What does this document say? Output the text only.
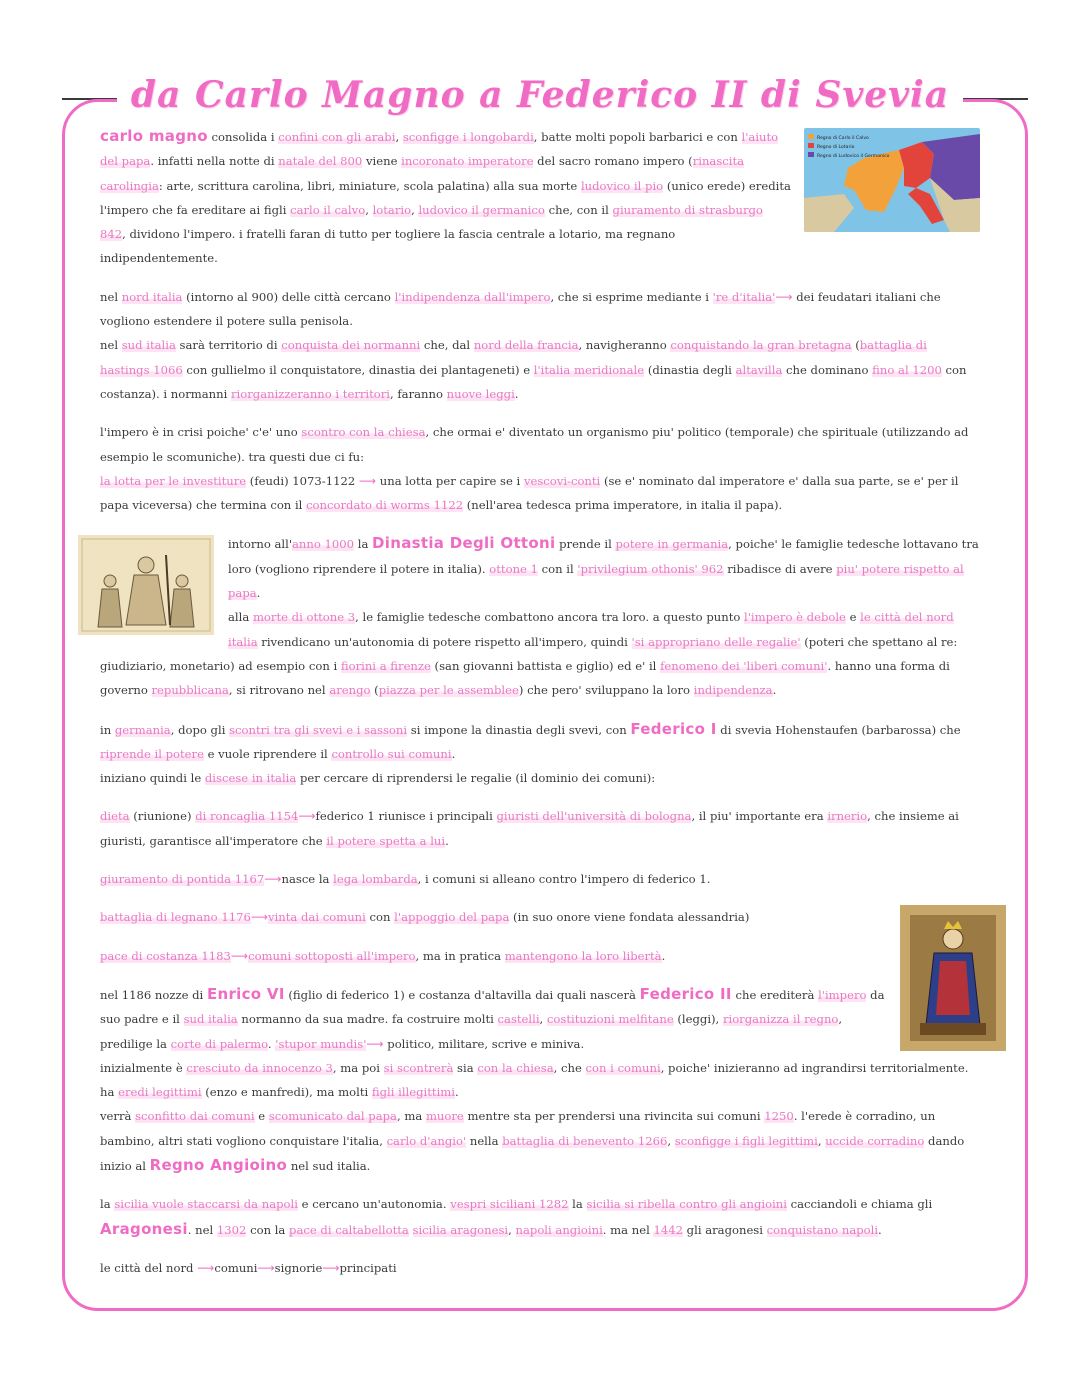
da Carlo Magno a Federico II di Svevia
Regno di Carlo il Calvo
Regno di Lotario
Regno di Ludovico il Germanico

carlo magno consolida i confini con gli arabi, sconfigge i longobardi, batte molti popoli barbarici e con l'aiuto del papa. infatti nella notte di natale del 800 viene incoronato imperatore del sacro romano impero (rinascita carolingia: arte, scrittura carolina, libri, miniature, scola palatina) alla sua morte ludovico il pio (unico erede) eredita l'impero che fa ereditare ai figli carlo il calvo, lotario, ludovico il germanico che, con il giuramento di strasburgo 842, dividono l'impero. i fratelli faran di tutto per togliere la fascia centrale a lotario, ma regnano indipendentemente.

nel nord italia (intorno al 900) delle città cercano l'indipendenza dall'impero, che si esprime mediante i 're d'italia'⟶ dei feudatari italiani che vogliono estendere il potere sulla penisola.

nel sud italia sarà territorio di conquista dei normanni che, dal nord della francia, navigheranno conquistando la gran bretagna (battaglia di hastings 1066 con gullielmo il conquistatore, dinastia dei plantageneti) e l'italia meridionale (dinastia degli altavilla che dominano fino al 1200 con costanza). i normanni riorganizzeranno i territori, faranno nuove leggi.

l'impero è in crisi poiche' c'e' uno scontro con la chiesa, che ormai e' diventato un organismo piu' politico (temporale) che spirituale (utilizzando ad esempio le scomuniche). tra questi due ci fu:

la lotta per le investiture (feudi) 1073-1122 ⟶ una lotta per capire se i vescovi-conti (se e' nominato dal imperatore e' dalla sua parte, se e' per il papa viceversa) che termina con il concordato di worms 1122 (nell'area tedesca prima imperatore, in italia il papa).

intorno all'anno 1000 la Dinastia Degli Ottoni prende il potere in germania, poiche' le famiglie tedesche lottavano tra loro (vogliono riprendere il potere in italia). ottone 1 con il 'privilegium othonis' 962 ribadisce di avere piu' potere rispetto al papa.

alla morte di ottone 3, le famiglie tedesche combattono ancora tra loro. a questo punto l'impero è debole e le città del nord italia rivendicano un'autonomia di potere rispetto all'impero, quindi 'si appropriano delle regalie' (poteri che spettano al re: giudiziario, monetario) ad esempio con i fiorini a firenze (san giovanni battista e giglio) ed e' il fenomeno dei 'liberi comuni'. hanno una forma di governo repubblicana, si ritrovano nel arengo (piazza per le assemblee) che pero' sviluppano la loro indipendenza.

in germania, dopo gli scontri tra gli svevi e i sassoni si impone la dinastia degli svevi, con Federico I di svevia Hohenstaufen (barbarossa) che riprende il potere e vuole riprendere il controllo sui comuni.
iniziano quindi le discese in italia per cercare di riprendersi le regalie (il dominio dei comuni):

dieta (riunione) di roncaglia 1154⟶federico 1 riunisce i principali giuristi dell'università di bologna, il piu' importante era irnerio, che insieme ai giuristi, garantisce all'imperatore che il potere spetta a lui.

giuramento di pontida 1167⟶nasce la lega lombarda, i comuni si alleano contro l'impero di federico 1.

battaglia di legnano 1176⟶vinta dai comuni con l'appoggio del papa (in suo onore viene fondata alessandria)

pace di costanza 1183⟶comuni sottoposti all'impero, ma in pratica mantengono la loro libertà.

nel 1186 nozze di Enrico VI (figlio di federico 1) e costanza d'altavilla dai quali nascerà Federico II che erediterà l'impero da suo padre e il sud italia normanno da sua madre. fa costruire molti castelli, costituzioni melfitane (leggi), riorganizza il regno, predilige la corte di palermo. 'stupor mundis'⟶ politico, militare, scrive e miniva.
inizialmente è cresciuto da innocenzo 3, ma poi si scontrerà sia con la chiesa, che con i comuni, poiche' inizieranno ad ingrandirsi territorialmente. ha eredi legittimi (enzo e manfredi), ma molti figli illegittimi.
verrà sconfitto dai comuni e scomunicato dal papa, ma muore mentre sta per prendersi una rivincita sui comuni 1250. l'erede è corradino, un bambino, altri stati vogliono conquistare l'italia, carlo d'angio' nella battaglia di benevento 1266, sconfigge i figli legittimi, uccide corradino dando inizio al Regno Angioino nel sud italia.

la sicilia vuole staccarsi da napoli e cercano un'autonomia. vespri siciliani 1282 la sicilia si ribella contro gli angioini cacciandoli e chiama gli Aragonesi. nel 1302 con la pace di caltabellotta sicilia aragonesi, napoli angioini. ma nel 1442 gli aragonesi conquistano napoli.

le città del nord ⟶comuni⟶signorie⟶principati
